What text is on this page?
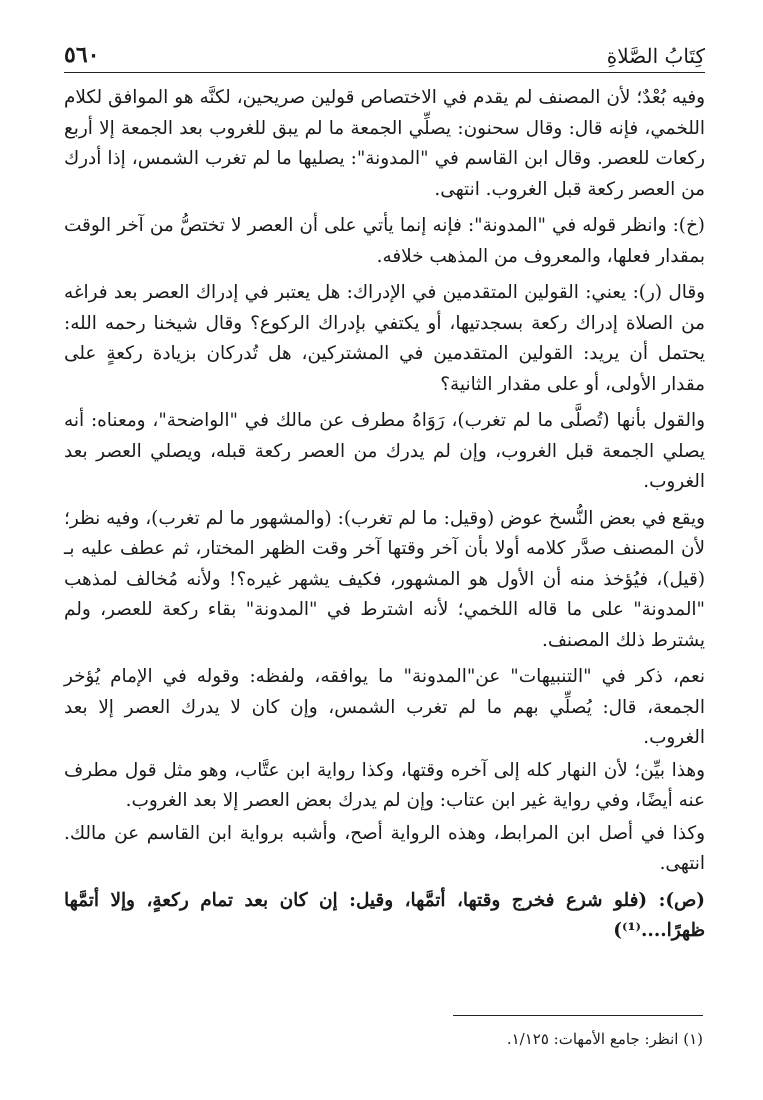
كِتَابُ الصَّلاةِ
٥٦٠

وفيه بُعْدٌ؛ لأن المصنف لم يقدم في الاختصاص قولين صريحين، لكنَّه هو الموافق لكلام اللخمي، فإنه قال: وقال سحنون: يصلِّي الجمعة ما لم يبق للغروب بعد الجمعة إلا أربع ركعات للعصر. وقال ابن القاسم في "المدونة": يصليها ما لم تغرب الشمس، إذا أدرك من العصر ركعة قبل الغروب. انتهى.

(خ): وانظر قوله في "المدونة": فإنه إنما يأتي على أن العصر لا تختصُّ من آخر الوقت بمقدار فعلها، والمعروف من المذهب خلافه.

وقال (ر): يعني: القولين المتقدمين في الإدراك: هل يعتبر في إدراك العصر بعد فراغه من الصلاة إدراك ركعة بسجدتيها، أو يكتفي بإدراك الركوع؟ وقال شيخنا رحمه الله: يحتمل أن يريد: القولين المتقدمين في المشتركين، هل تُدركان بزيادة ركعةٍ على مقدار الأولى، أو على مقدار الثانية؟

والقول بأنها (تُصلَّى ما لم تغرب)، رَوَاهُ مطرف عن مالك في "الواضحة"، ومعناه: أنه يصلي الجمعة قبل الغروب، وإن لم يدرك من العصر ركعة قبله، ويصلي العصر بعد الغروب.

ويقع في بعض النُّسخ عوض (وقيل: ما لم تغرب): (والمشهور ما لم تغرب)، وفيه نظر؛ لأن المصنف صدَّر كلامه أولا بأن آخر وقتها آخر وقت الظهر المختار، ثم عطف عليه بـ (قيل)، فيُؤخذ منه أن الأول هو المشهور، فكيف يشهر غيره؟! ولأنه مُخالف لمذهب "المدونة" على ما قاله اللخمي؛ لأنه اشترط في "المدونة" بقاء ركعة للعصر، ولم يشترط ذلك المصنف.

نعم، ذكر في "التنبيهات" عن"المدونة" ما يوافقه، ولفظه: وقوله في الإمام يُؤخر الجمعة، قال: يُصلِّي بهم ما لم تغرب الشمس، وإن كان لا يدرك العصر إلا بعد الغروب.

وهذا بيِّن؛ لأن النهار كله إلى آخره وقتها، وكذا رواية ابن عتَّاب، وهو مثل قول مطرف عنه أيضًا، وفي رواية غير ابن عتاب: وإن لم يدرك بعض العصر إلا بعد الغروب.

وكذا في أصل ابن المرابط، وهذه الرواية أصح، وأشبه برواية ابن القاسم عن مالك. انتهى.

(ص): (فلو شرع فخرج وقتها، أتمَّها، وقيل: إن كان بعد تمام ركعةٍ، وإلا أتمَّها ظهرًا....⁽¹⁾)

(١) انظر: جامع الأمهات: ١/١٢٥.
